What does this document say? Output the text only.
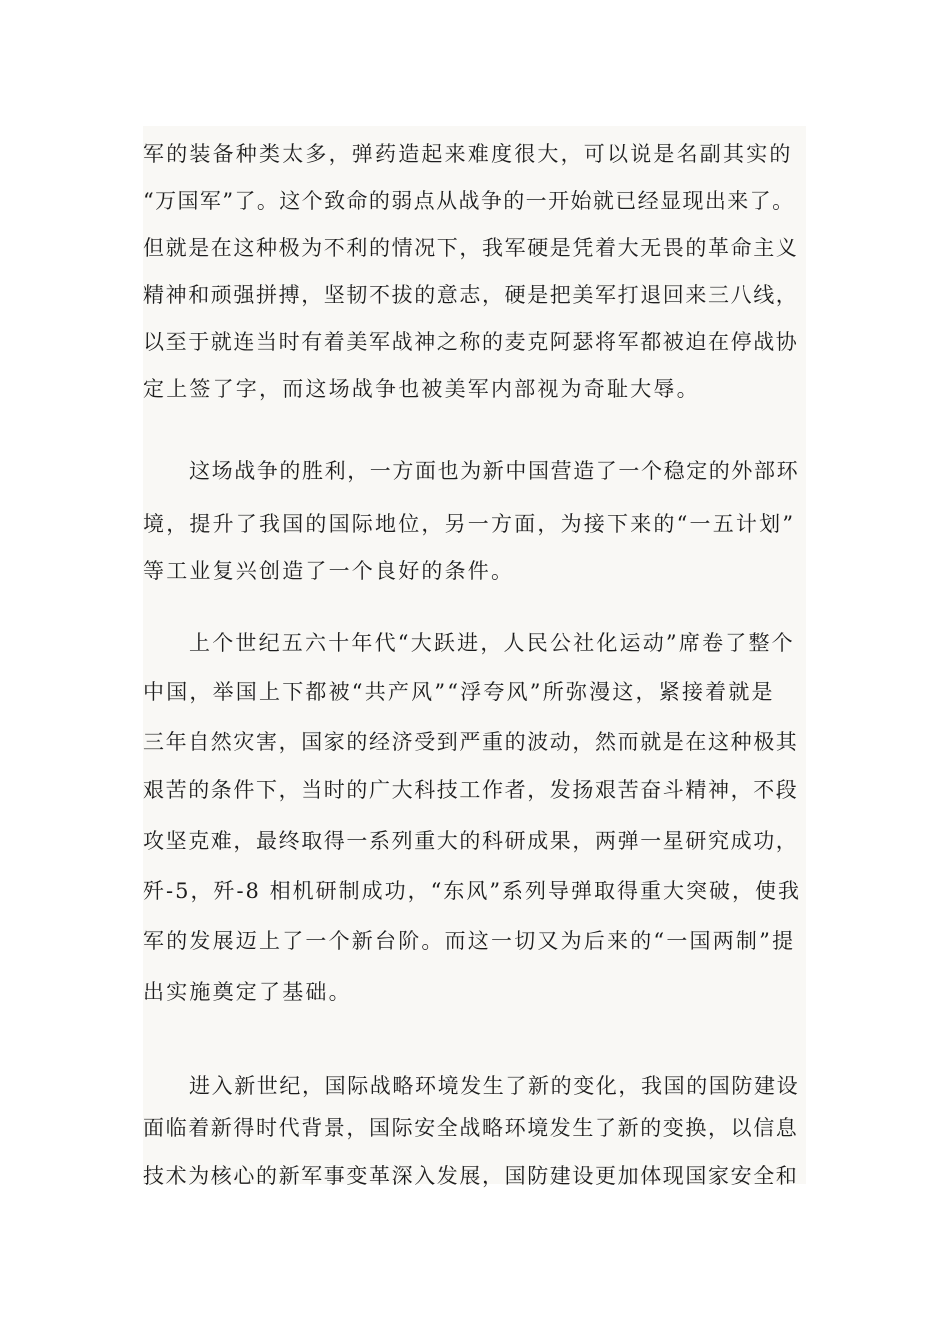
军的装备种类太多，弹药造起来难度很大，可以说是名副其实的
“万国军”了。这个致命的弱点从战争的一开始就已经显现出来了。
但就是在这种极为不利的情况下，我军硬是凭着大无畏的革命主义
精神和顽强拼搏，坚韧不拔的意志，硬是把美军打退回来三八线，
以至于就连当时有着美军战神之称的麦克阿瑟将军都被迫在停战协
定上签了字，而这场战争也被美军内部视为奇耻大辱。
这场战争的胜利，一方面也为新中国营造了一个稳定的外部环
境，提升了我国的国际地位，另一方面，为接下来的“一五计划”
等工业复兴创造了一个良好的条件。
上个世纪五六十年代“大跃进，人民公社化运动”席卷了整个
中国，举国上下都被“共产风”“浮夸风”所弥漫这，紧接着就是
三年自然灾害，国家的经济受到严重的波动，然而就是在这种极其
艰苦的条件下，当时的广大科技工作者，发扬艰苦奋斗精神，不段
攻坚克难，最终取得一系列重大的科研成果，两弹一星研究成功，
歼-5，歼-8 相机研制成功，“东风”系列导弹取得重大突破，使我
军的发展迈上了一个新台阶。而这一切又为后来的“一国两制”提
出实施奠定了基础。
进入新世纪，国际战略环境发生了新的变化，我国的国防建设
面临着新得时代背景，国际安全战略环境发生了新的变换，以信息
技术为核心的新军事变革深入发展，国防建设更加体现国家安全和
